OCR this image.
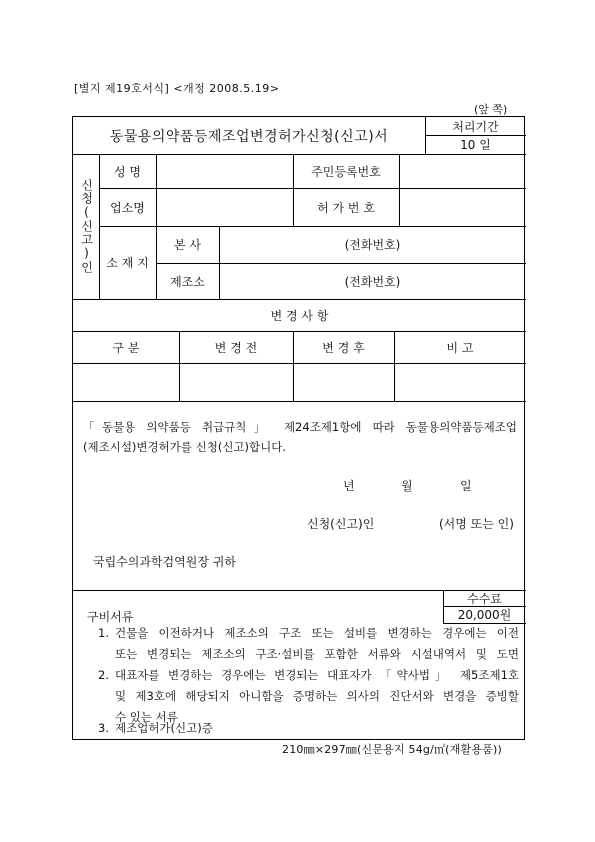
[별지 제19호서식] <개정 2008.5.19>
(앞 쪽)
동물용의약품등제조업변경허가신청(신고)서
처리기간
10 일
신청(신고)인
성 명	주민등록번호
업소명	허 가 번 호
소 재 지
본 사	(전화번호)
제조소	(전화번호)
변 경 사 항
구 분	변 경 전	변 경 후	비 고
「동물용 의약품등 취급규칙」 제24조제1항에 따라 동물용의약품등제조업
(제조시설)변경허가를 신청(신고)합니다.
년	월	일
신청(신고)인	(서명 또는 인)
국립수의과학검역원장 귀하
수수료
20,000원
구비서류
1. 건물을 이전하거나 제조소의 구조 또는 설비를 변경하는 경우에는 이전
또는 변경되는 제조소의 구조·설비를 포함한 서류와 시설내역서 및 도면
2. 대표자를 변경하는 경우에는 변경되는 대표자가 「약사법」 제5조제1호
및 제3호에 해당되지 아니함을 증명하는 의사의 진단서와 변경을 증빙할
수 있는 서류
3. 제조업허가(신고)증
210㎜×297㎜(신문용지 54g/㎡(재활용품))
